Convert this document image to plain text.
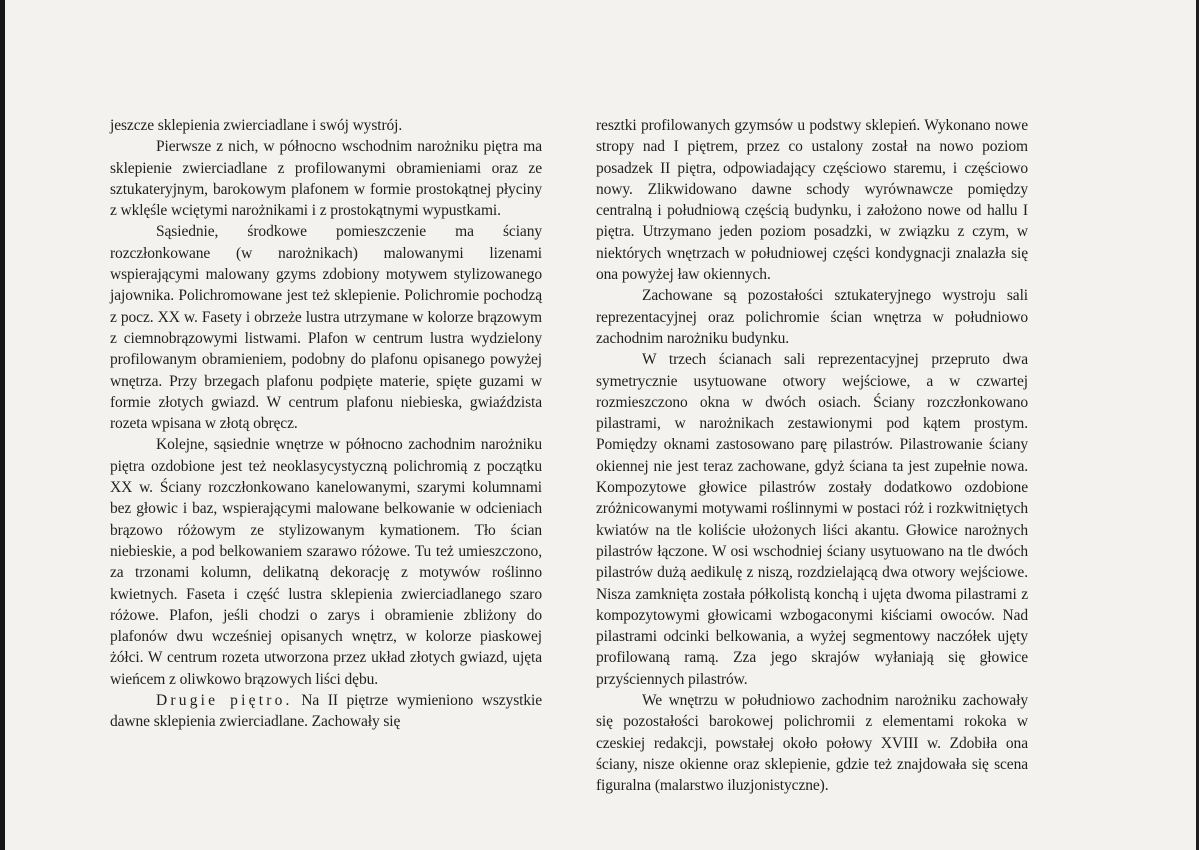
jeszcze sklepienia zwierciadlane i swój wystrój.

Pierwsze z nich, w północno wschodnim narożniku piętra ma sklepienie zwierciadlane z profilowanymi obramieniami oraz ze sztukateryjnym, barokowym plafonem w formie prostokątnej płyciny z wklęśle wciętymi narożnikami i z prostokątnymi wypustkami.

Sąsiednie, środkowe pomieszczenie ma ściany rozczłonkowane (w narożnikach) malowanymi lizenami wspierającymi malowany gzyms zdobiony motywem stylizowanego jajownika. Polichromowane jest też sklepienie. Polichromie pochodzą z pocz. XX w. Fasety i obrzeże lustra utrzymane w kolorze brązowym z ciemnobrązowymi listwami. Plafon w centrum lustra wydzielony profilowanym obramieniem, podobny do plafonu opisanego powyżej wnętrza. Przy brzegach plafonu podpięte materie, spięte guzami w formie złotych gwiazd. W centrum plafonu niebieska, gwiaździsta rozeta wpisana w złotą obręcz.

Kolejne, sąsiednie wnętrze w północno zachodnim narożniku piętra ozdobione jest też neoklasycystyczną polichromią z początku XX w. Ściany rozczłonkowano kanelowanymi, szarymi kolumnami bez głowic i baz, wspierającymi malowane belkowanie w odcieniach brązowo różowym ze stylizowanym kymationem. Tło ścian niebieskie, a pod belkowaniem szarawo różowe. Tu też umieszczono, za trzonami kolumn, delikatną dekorację z motywów roślinno kwietnych. Faseta i część lustra sklepienia zwierciadlanego szaro różowe. Plafon, jeśli chodzi o zarys i obramienie zbliżony do plafonów dwu wcześniej opisanych wnętrz, w kolorze piaskowej żółci. W centrum rozeta utworzona przez układ złotych gwiazd, ujęta wieńcem z oliwkowo brązowych liści dębu.

Drugie piętro. Na II piętrze wymieniono wszystkie dawne sklepienia zwierciadlane. Zachowały się

resztki profilowanych gzymsów u podstwy sklepień. Wykonano nowe stropy nad I piętrem, przez co ustalony został na nowo poziom posadzek II piętra, odpowiadający częściowo staremu, i częściowo nowy. Zlikwidowano dawne schody wyrównawcze pomiędzy centralną i południową częścią budynku, i założono nowe od hallu I piętra. Utrzymano jeden poziom posadzki, w związku z czym, w niektórych wnętrzach w południowej części kondygnacji znalazła się ona powyżej ław okiennych.

Zachowane są pozostałości sztukateryjnego wystroju sali reprezentacyjnej oraz polichromie ścian wnętrza w południowo zachodnim narożniku budynku.

W trzech ścianach sali reprezentacyjnej przepruto dwa symetrycznie usytuowane otwory wejściowe, a w czwartej rozmieszczono okna w dwóch osiach. Ściany rozczłonkowano pilastrami, w narożnikach zestawionymi pod kątem prostym. Pomiędzy oknami zastosowano parę pilastrów. Pilastrowanie ściany okiennej nie jest teraz zachowane, gdyż ściana ta jest zupełnie nowa. Kompozytowe głowice pilastrów zostały dodatkowo ozdobione zróżnicowanymi motywami roślinnymi w postaci róż i rozkwitniętych kwiatów na tle koliście ułożonych liści akantu. Głowice narożnych pilastrów łączone. W osi wschodniej ściany usytuowano na tle dwóch pilastrów dużą aedikulę z niszą, rozdzielającą dwa otwory wejściowe. Nisza zamknięta została półkolistą konchą i ujęta dwoma pilastrami z kompozytowymi głowicami wzbogaconymi kiściami owoców. Nad pilastrami odcinki belkowania, a wyżej segmentowy naczółek ujęty profilowaną ramą. Zza jego skrajów wyłaniają się głowice przyściennych pilastrów.

We wnętrzu w południowo zachodnim narożniku zachowały się pozostałości barokowej polichromii z elementami rokoka w czeskiej redakcji, powstałej około połowy XVIII w. Zdobiła ona ściany, nisze okienne oraz sklepienie, gdzie też znajdowała się scena figuralna (malarstwo iluzjonistyczne).
